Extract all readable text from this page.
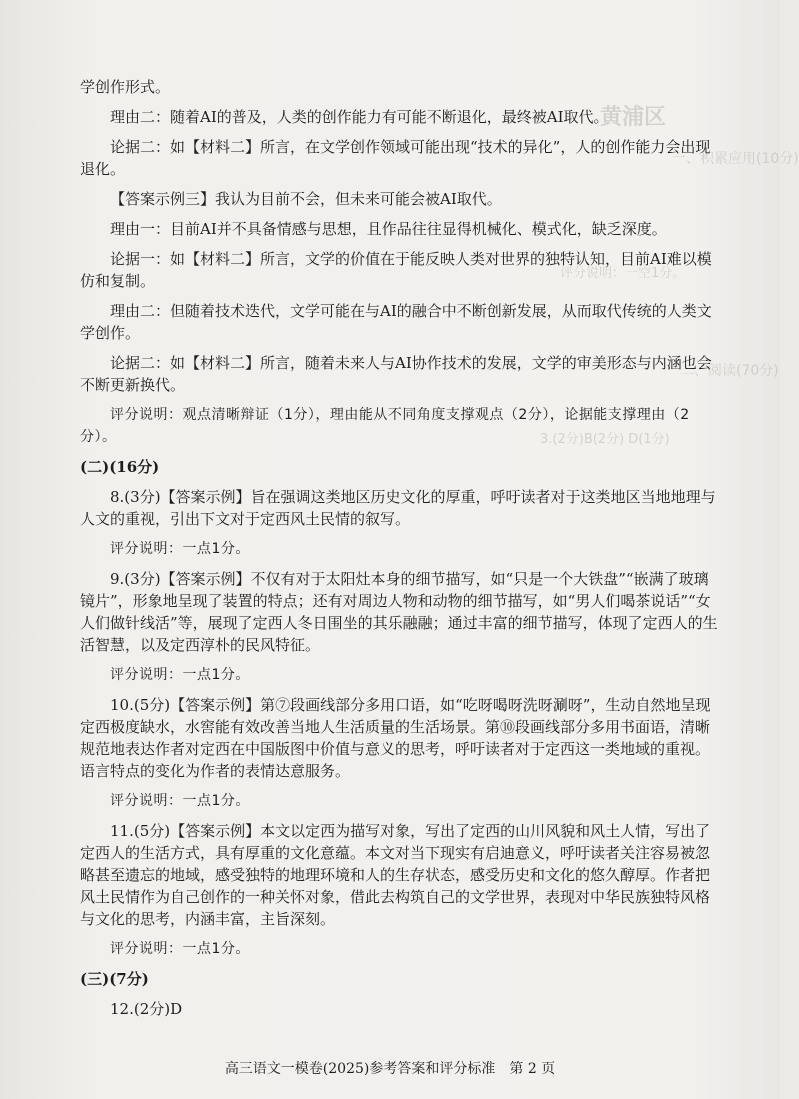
黄浦区
一、积累应用(10分)
评分说明：一空1分。
二、阅读(70分)
3.(2分)B(2分) D(1分)
学创作形式。
理由二：随着AI的普及，人类的创作能力有可能不断退化，最终被AI取代。
论据二：如【材料二】所言，在文学创作领域可能出现“技术的异化”，人的创作能力会出现退化。
【答案示例三】我认为目前不会，但未来可能会被AI取代。
理由一：目前AI并不具备情感与思想，且作品往往显得机械化、模式化，缺乏深度。
论据一：如【材料二】所言，文学的价值在于能反映人类对世界的独特认知，目前AI难以模仿和复制。
理由二：但随着技术迭代，文学可能在与AI的融合中不断创新发展，从而取代传统的人类文学创作。
论据二：如【材料二】所言，随着未来人与AI协作技术的发展，文学的审美形态与内涵也会不断更新换代。
评分说明：观点清晰辩证（1分），理由能从不同角度支撑观点（2分），论据能支撑理由（2分）。
(二)(16分)
8.(3分)【答案示例】旨在强调这类地区历史文化的厚重，呼吁读者对于这类地区当地地理与人文的重视，引出下文对于定西风土民情的叙写。
评分说明：一点1分。
9.(3分)【答案示例】不仅有对于太阳灶本身的细节描写，如“只是一个大铁盘”“嵌满了玻璃镜片”，形象地呈现了装置的特点；还有对周边人物和动物的细节描写，如“男人们喝茶说话”“女人们做针线活”等，展现了定西人冬日围坐的其乐融融；通过丰富的细节描写，体现了定西人的生活智慧，以及定西淳朴的民风特征。
评分说明：一点1分。
10.(5分)【答案示例】第⑦段画线部分多用口语，如“吃呀喝呀洗呀涮呀”，生动自然地呈现定西极度缺水，水窖能有效改善当地人生活质量的生活场景。第⑩段画线部分多用书面语，清晰规范地表达作者对定西在中国版图中价值与意义的思考，呼吁读者对于定西这一类地域的重视。语言特点的变化为作者的表情达意服务。
评分说明：一点1分。
11.(5分)【答案示例】本文以定西为描写对象，写出了定西的山川风貌和风土人情，写出了定西人的生活方式，具有厚重的文化意蕴。本文对当下现实有启迪意义，呼吁读者关注容易被忽略甚至遗忘的地域，感受独特的地理环境和人的生存状态，感受历史和文化的悠久醇厚。作者把风土民情作为自己创作的一种关怀对象，借此去构筑自己的文学世界，表现对中华民族独特风格与文化的思考，内涵丰富，主旨深刻。
评分说明：一点1分。
(三)(7分)
12.(2分)D
高三语文一模卷(2025)参考答案和评分标准　第 2 页
